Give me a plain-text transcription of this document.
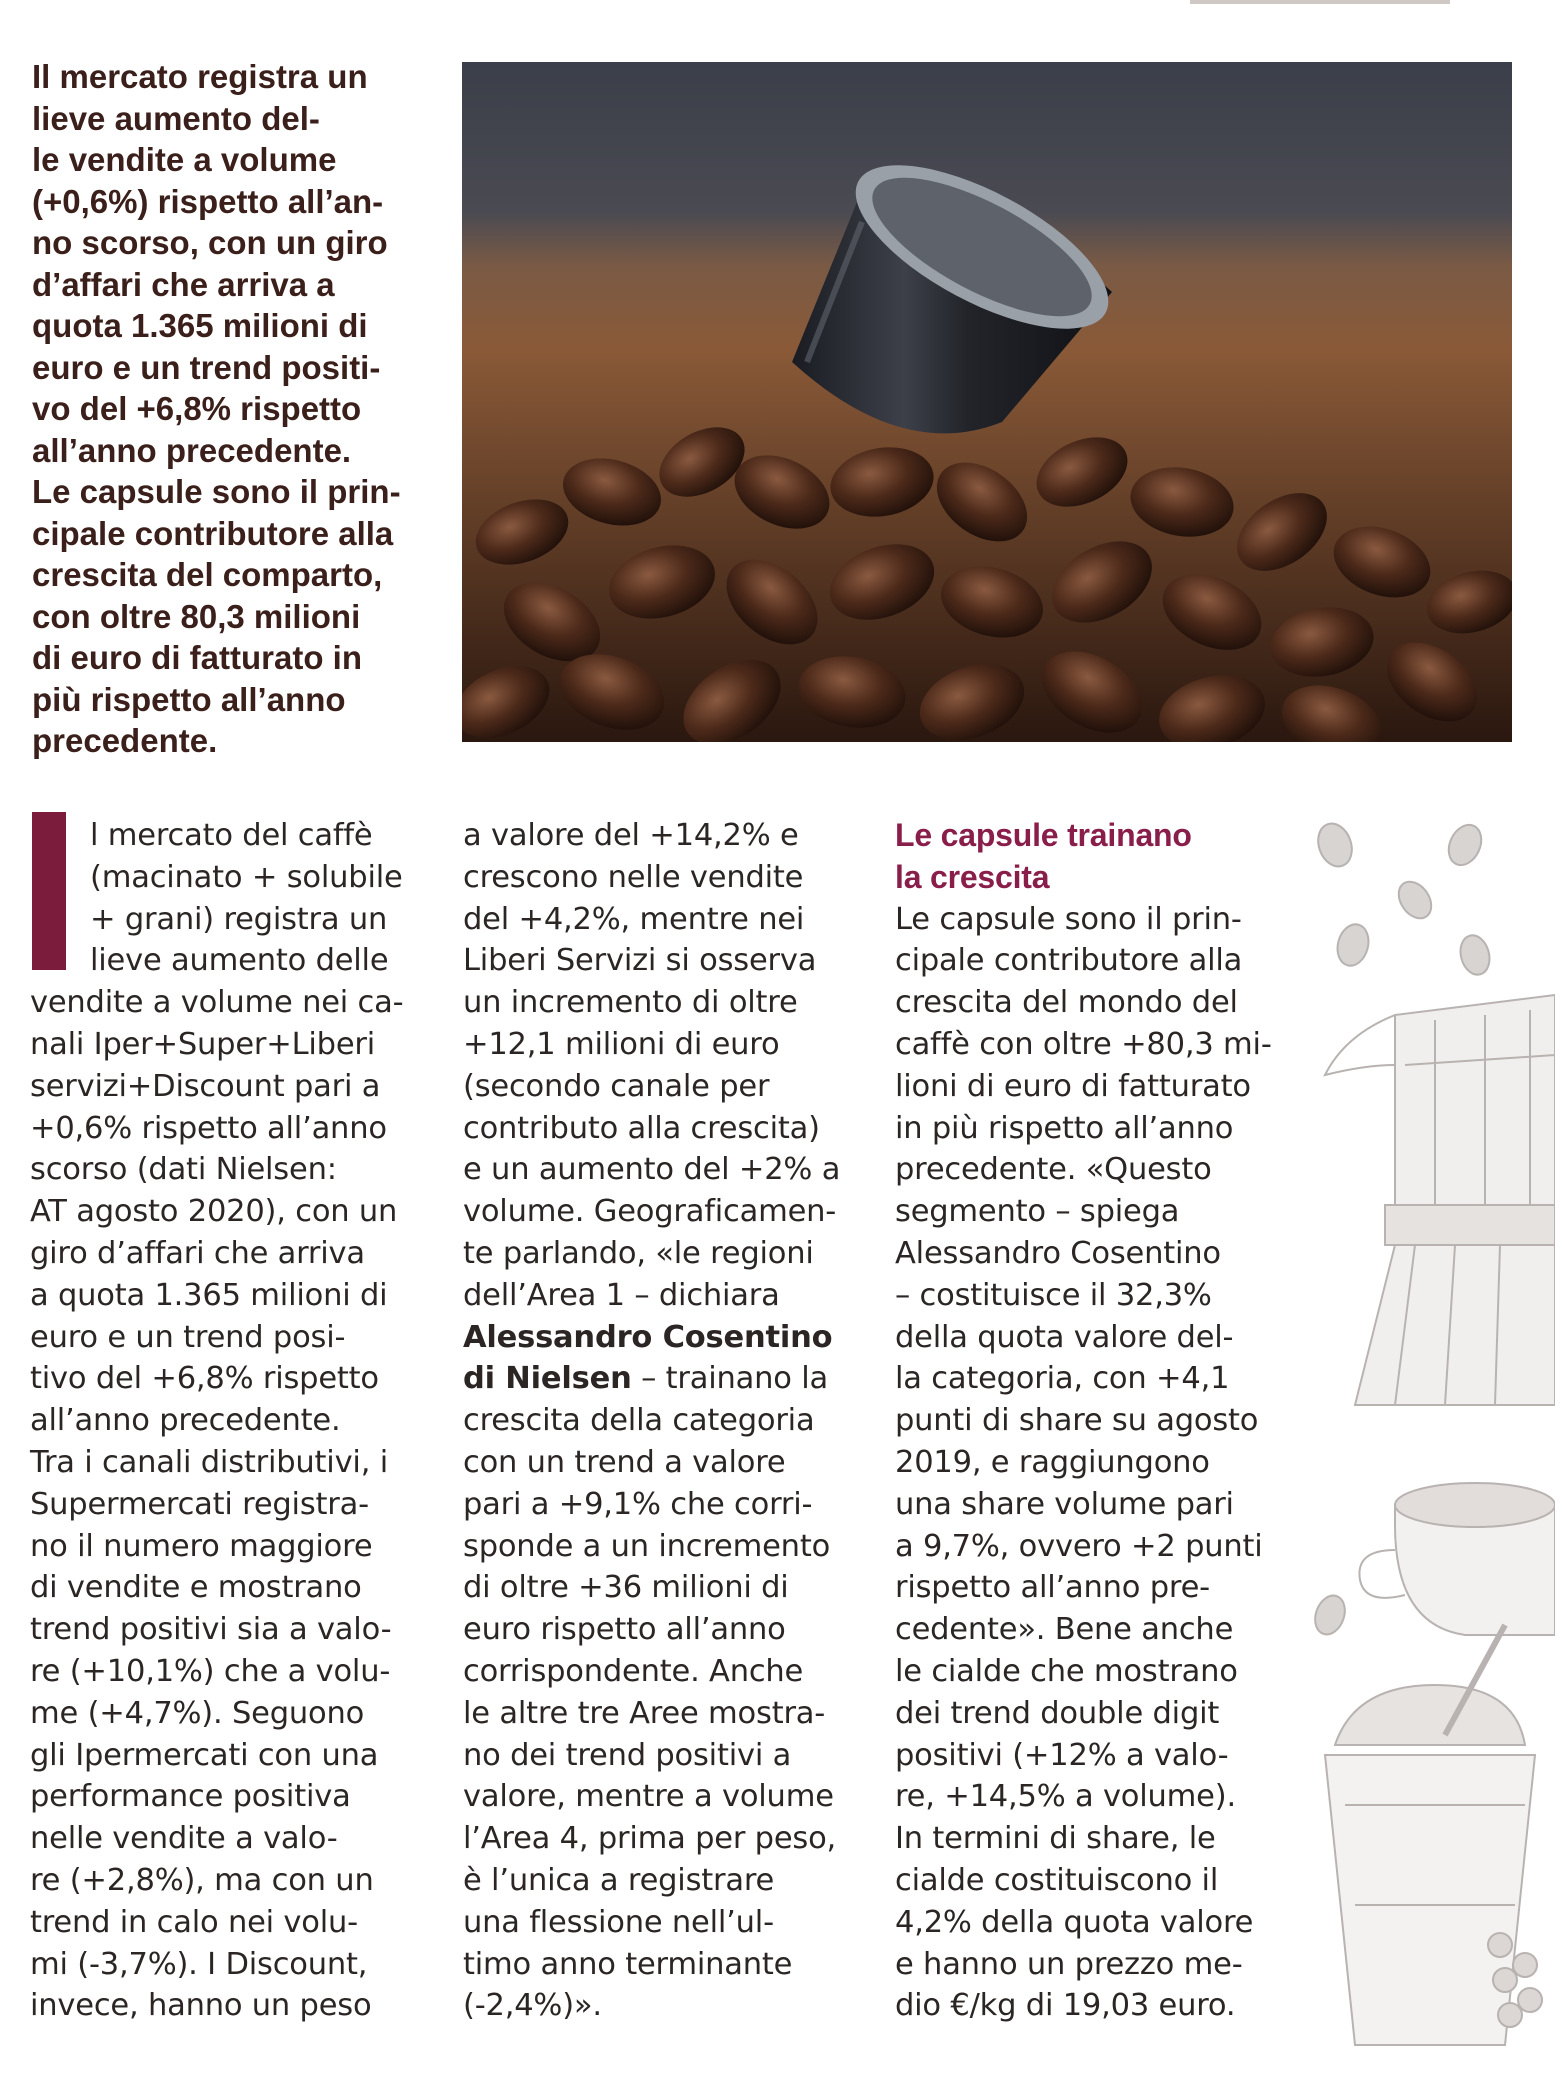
Il mercato registra un
lieve aumento del-
le vendite a volume
(+0,6%) rispetto all’an-
no scorso, con un giro
d’affari che arriva a
quota 1.365 milioni di
euro e un trend positi-
vo del +6,8% rispetto
all’anno precedente.
Le capsule sono il prin-
cipale contributore alla
crescita del comparto,
con oltre 80,3 milioni
di euro di fatturato in
più rispetto all’anno
precedente.
l mercato del caffè
(macinato + solubile
+ grani) registra un
lieve aumento delle
vendite a volume nei ca-
nali Iper+Super+Liberi
servizi+Discount pari a
+0,6% rispetto all’anno
scorso (dati Nielsen:
AT agosto 2020), con un
giro d’affari che arriva
a quota 1.365 milioni di
euro e un trend posi-
tivo del +6,8% rispetto
all’anno precedente.
Tra i canali distributivi, i
Supermercati registra-
no il numero maggiore
di vendite e mostrano
trend positivi sia a valo-
re (+10,1%) che a volu-
me (+4,7%). Seguono
gli Ipermercati con una
performance positiva
nelle vendite a valo-
re (+2,8%), ma con un
trend in calo nei volu-
mi (-3,7%). I Discount,
invece, hanno un peso
a valore del +14,2% e
crescono nelle vendite
del +4,2%, mentre nei
Liberi Servizi si osserva
un incremento di oltre
+12,1 milioni di euro
(secondo canale per
contributo alla crescita)
e un aumento del +2% a
volume. Geograficamen-
te parlando, «le regioni
dell’Area 1 – dichiara
Alessandro Cosentino
di Nielsen – trainano la
crescita della categoria
con un trend a valore
pari a +9,1% che corri-
sponde a un incremento
di oltre +36 milioni di
euro rispetto all’anno
corrispondente. Anche
le altre tre Aree mostra-
no dei trend positivi a
valore, mentre a volume
l’Area 4, prima per peso,
è l’unica a registrare
una flessione nell’ul-
timo anno terminante
(-2,4%)».
Le capsule trainano
la crescita
Le capsule sono il prin-
cipale contributore alla
crescita del mondo del
caffè con oltre +80,3 mi-
lioni di euro di fatturato
in più rispetto all’anno
precedente. «Questo
segmento – spiega
Alessandro Cosentino
– costituisce il 32,3%
della quota valore del-
la categoria, con +4,1
punti di share su agosto
2019, e raggiungono
una share volume pari
a 9,7%, ovvero +2 punti
rispetto all’anno pre-
cedente». Bene anche
le cialde che mostrano
dei trend double digit
positivi (+12% a valo-
re, +14,5% a volume).
In termini di share, le
cialde costituiscono il
4,2% della quota valore
e hanno un prezzo me-
dio €/kg di 19,03 euro.
